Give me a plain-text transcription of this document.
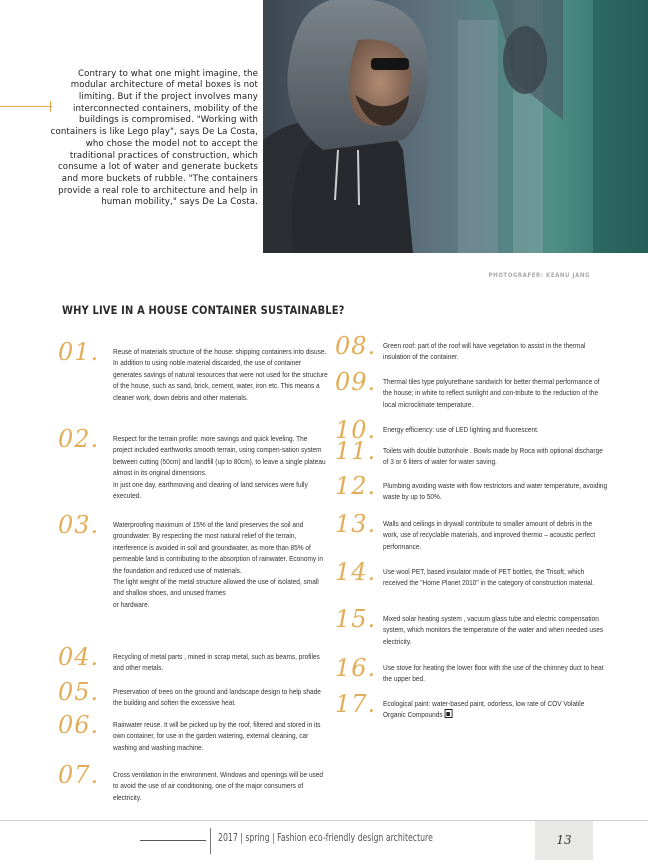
Contrary to what one might imagine, the modular architecture of metal boxes is not limiting. But if the project involves many interconnected containers, mobility of the buildings is compromised. "Working with containers is like Lego play", says De La Costa, who chose the model not to accept the traditional practices of construction, which consume a lot of water and generate buckets and more buckets of rubble. "The containers provide a real role to architecture and help in human mobility," says De La Costa.

PHOTOGRAFER: KEANU JANG
WHY LIVE IN A HOUSE CONTAINER SUSTAINABLE?
01. Reuse of materials structure of the house: shipping containers into disuse. In addition to using noble material discarded, the use of container generates savings of natural resources that were not used for the structure of the house, such as sand, brick, cement, water, iron etc. This means a cleaner work, down debris and other materials.
02. Respect for the terrain profile: more savings and quick leveling. The project included earthworks smooth terrain, using compen-sation system between cutting (50cm) and landfill (up to 80cm), to leave a single plateau almost in its original dimensions.
In just one day, earthmoving and clearing of land services were fully executed.
03. Waterproofing maximum of 15% of the land preserves the soil and groundwater. By respecting the most natural relief of the terrain, interference is avoided in soil and groundwater, as more than 85% of permeable land is contributing to the absorption of rainwater. Economy in the foundation and reduced use of materials.
The light weight of the metal structure allowed the use of isolated, small and shallow shoes, and unused frames
or hardware.
04. Recycling of metal parts , mined in scrap metal, such as beams, profiles and other metals.
05. Preservation of trees on the ground and landscape design to help shade the building and soften the excessive heat.
06. Rainwater reuse. It will be picked up by the roof, filtered and stored in its own container, for use in the garden watering, external cleaning, car washing and washing machine.
07. Cross ventilation in the environment. Windows and openings will be used to avoid the use of air conditioning, one of the major consumers of electricity.
08. Green roof: part of the roof will have vegetation to assist in the thermal insulation of the container.
09. Thermal tiles type polyurethane sandwich for better thermal performance of the house; in white to reflect sunlight and con-tribute to the reduction of the local microclimate temperature.
10. Energy efficiency: use of LED lighting and fluorescent.
11. Toilets with double buttonhole . Bowls made by Roca with optional discharge of 3 or 6 liters of water for water saving.
12. Plumbing avoiding waste with flow restrictors and water temperature, avoiding waste by up to 50%.
13. Walls and ceilings in drywall contribute to smaller amount of debris in the work, use of recyclable materials, and improved thermo – acoustic perfect performance.
14. Use wool PET, based insulator made of PET bottles, the Trisoft, which received the "Home Planet 2010" in the category of construction material.
15. Mixed solar heating system , vacuum glass tube and electric compensation system, which monitors the temperature of the water and when needed uses electricity.
16. Use stove for heating the lower floor with the use of the chimney duct to heat the upper bed.
17. Ecological paint: water-based paint, odorless, low rate of COV Volatile Organic Compounds
2017 | spring | Fashion eco-friendly design architecture	13
